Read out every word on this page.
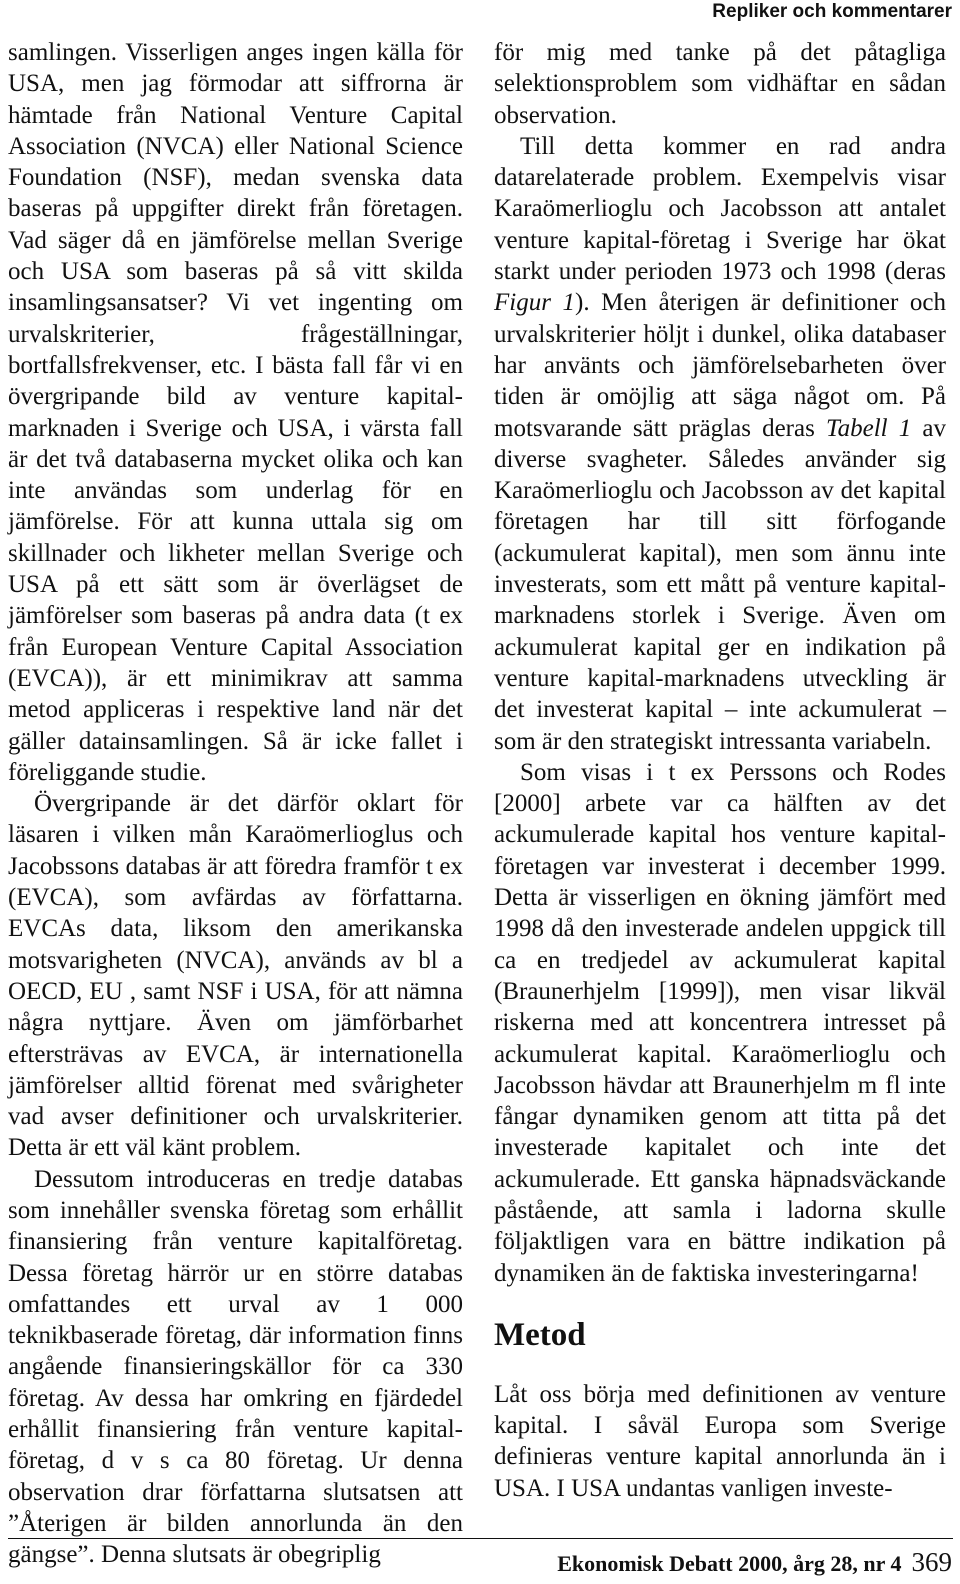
Repliker och kommentarer

samlingen. Visserligen anges ingen källa för USA, men jag förmodar att siffrorna är hämtade från National Venture Capital Association (NVCA) eller National Science Foundation (NSF), medan svenska data baseras på uppgifter direkt från företagen. Vad säger då en jämförelse mellan Sverige och USA som baseras på så vitt skilda insamlingsansatser? Vi vet ingenting om urvalskriterier, frågeställningar, bortfallsfrekvenser, etc. I bästa fall får vi en övergripande bild av venture kapital-marknaden i Sverige och USA, i värsta fall är det två databaserna mycket olika och kan inte användas som underlag för en jämförelse. För att kunna uttala sig om skillnader och likheter mellan Sverige och USA på ett sätt som är överlägset de jämförelser som baseras på andra data (t ex från European Venture Capital Association (EVCA)), är ett minimikrav att samma metod appliceras i respektive land när det gäller datainsamlingen. Så är icke fallet i föreliggande studie.

Övergripande är det därför oklart för läsaren i vilken mån Karaömerlioglus och Jacobssons databas är att föredra framför t ex (EVCA), som avfärdas av författarna. EVCAs data, liksom den amerikanska motsvarigheten (NVCA), används av bl a OECD, EU , samt NSF i USA, för att nämna några nyttjare. Även om jämförbarhet eftersträvas av EVCA, är internationella jämförelser alltid förenat med svårigheter vad avser definitioner och urvalskriterier. Detta är ett väl känt problem.

Dessutom introduceras en tredje databas som innehåller svenska företag som erhållit finansiering från venture kapitalföretag. Dessa företag härrör ur en större databas omfattandes ett urval av 1 000 teknikbaserade företag, där information finns angående finansieringskällor för ca 330 företag. Av dessa har omkring en fjärdedel erhållit finansiering från venture kapital-företag, d v s ca 80 företag. Ur denna observation drar författarna slutsatsen att ”Återigen är bilden annorlunda än den gängse”. Denna slutsats är obegriplig

för mig med tanke på det påtagliga selektionsproblem som vidhäftar en sådan observation.

Till detta kommer en rad andra datarelaterade problem. Exempelvis visar Karaömerlioglu och Jacobsson att antalet venture kapital-företag i Sverige har ökat starkt under perioden 1973 och 1998 (deras Figur 1). Men återigen är definitioner och urvalskriterier höljt i dunkel, olika databaser har använts och jämförelsebarheten över tiden är omöjlig att säga något om. På motsvarande sätt präglas deras Tabell 1 av diverse svagheter. Således använder sig Karaömerlioglu och Jacobsson av det kapital företagen har till sitt förfogande (ackumulerat kapital), men som ännu inte investerats, som ett mått på venture kapital-marknadens storlek i Sverige. Även om ackumulerat kapital ger en indikation på venture kapital-marknadens utveckling är det investerat kapital – inte ackumulerat – som är den strategiskt intressanta variabeln.

Som visas i t ex Perssons och Rodes [2000] arbete var ca hälften av det ackumulerade kapital hos venture kapital-företagen var investerat i december 1999. Detta är visserligen en ökning jämfört med 1998 då den investerade andelen uppgick till ca en tredjedel av ackumulerat kapital (Braunerhjelm [1999]), men visar likväl riskerna med att koncentrera intresset på ackumulerat kapital. Karaömerlioglu och Jacobsson hävdar att Braunerhjelm m fl inte fångar dynamiken genom att titta på det investerade kapitalet och inte det ackumulerade. Ett ganska häpnadsväckande påstående, att samla i ladorna skulle följaktligen vara en bättre indikation på dynamiken än de faktiska investeringarna!

Metod

Låt oss börja med definitionen av venture kapital. I såväl Europa som Sverige definieras venture kapital annorlunda än i USA. I USA undantas vanligen investe-

Ekonomisk Debatt 2000, årg 28, nr 4 369
